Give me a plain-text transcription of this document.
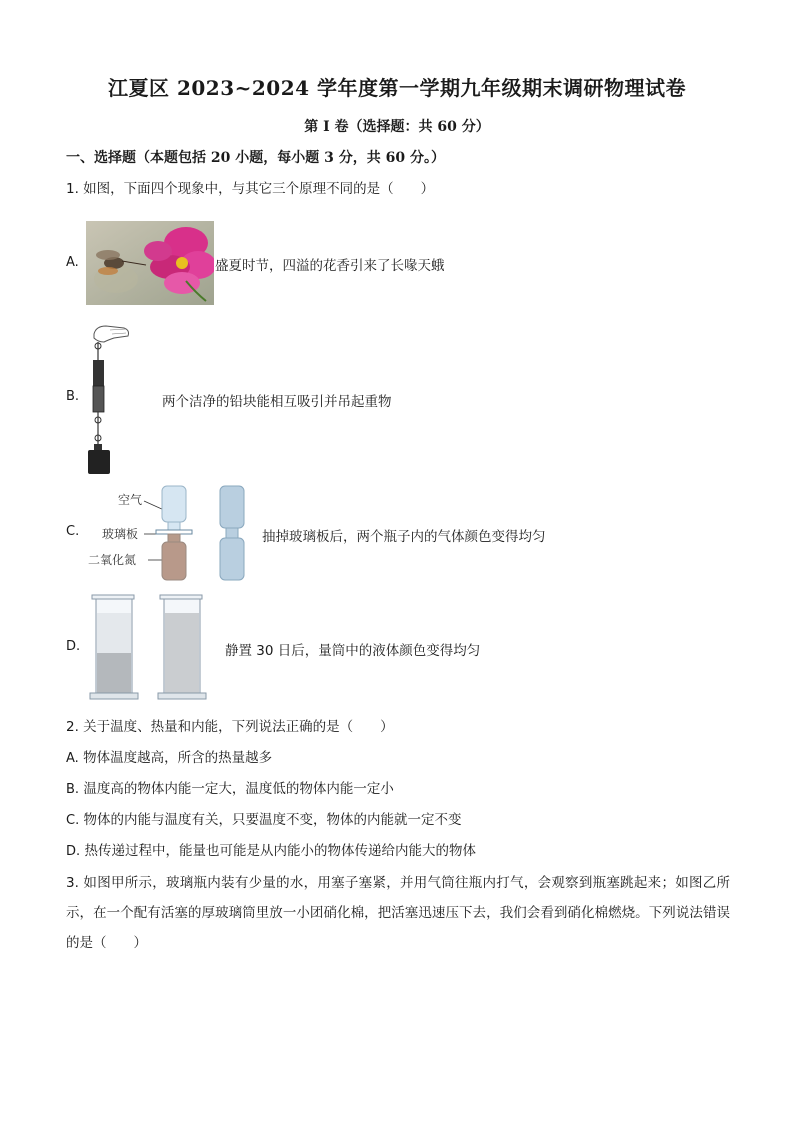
江夏区 2023~2024 学年度第一学期九年级期末调研物理试卷
第 I 卷（选择题：共 60 分）
一、选择题（本题包括 20 小题，每小题 3 分，共 60 分。）
1. 如图，下面四个现象中，与其它三个原理不同的是（　　）
A.	盛夏时节，四溢的花香引来了长喙天蛾
B.	两个洁净的铅块能相互吸引并吊起重物
C.
空气
玻璃板
二氧化氮
抽掉玻璃板后，两个瓶子内的气体颜色变得均匀
D.	静置 30 日后，量筒中的液体颜色变得均匀
2. 关于温度、热量和内能，下列说法正确的是（　　）
A. 物体温度越高，所含的热量越多
B. 温度高的物体内能一定大，温度低的物体内能一定小
C. 物体的内能与温度有关，只要温度不变，物体的内能就一定不变
D. 热传递过程中，能量也可能是从内能小的物体传递给内能大的物体
3. 如图甲所示，玻璃瓶内装有少量的水，用塞子塞紧，并用气筒往瓶内打气，会观察到瓶塞跳起来；如图乙所示，在一个配有活塞的厚玻璃筒里放一小团硝化棉，把活塞迅速压下去，我们会看到硝化棉燃烧。下列说法错误的是（　　）
